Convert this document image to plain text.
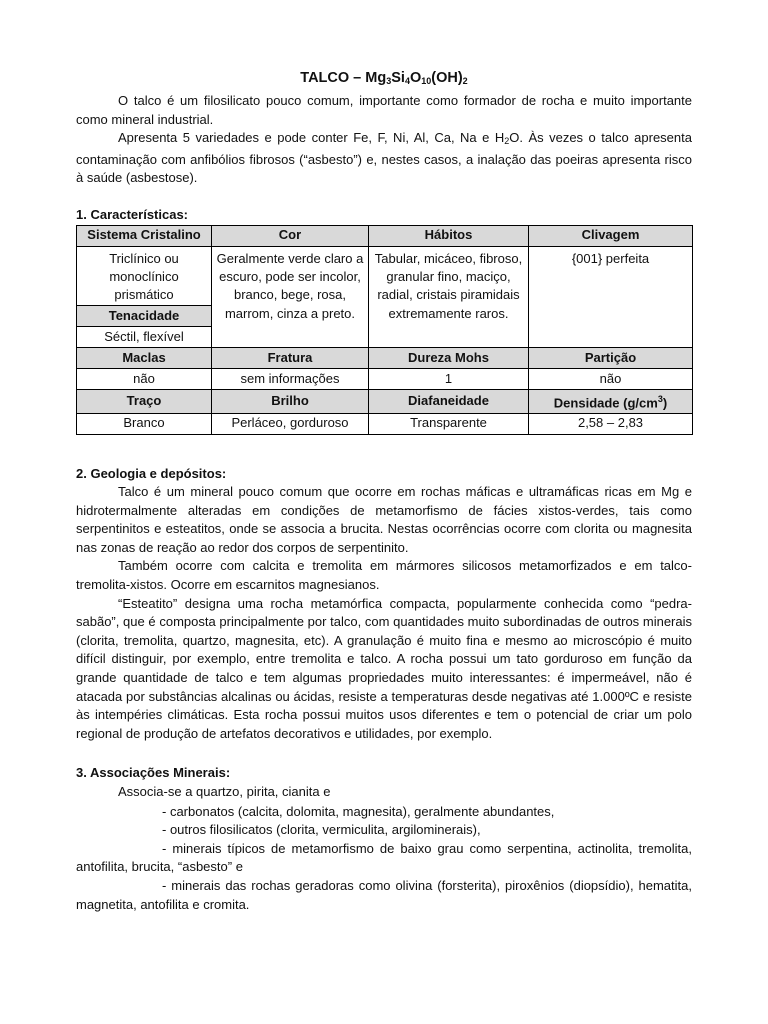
TALCO – $Mg_3Si_4O_{10}(OH)_2$

O talco é um filosilicato pouco comum, importante como formador de rocha e muito importante como mineral industrial.

Apresenta 5 variedades e pode conter Fe, F, Ni, Al, Ca, Na e $H_2O$. Às vezes o talco apresenta contaminação com anfibólios fibrosos (“asbesto”) e, nestes casos, a inalação das poeiras apresenta risco à saúde (asbestose).

1. Características:
Sistema Cristalino	Cor	Hábitos	Clivagem
Triclínico ou monoclínico prismático	Geralmente verde claro a escuro, pode ser incolor, branco, bege, rosa, marrom, cinza a preto.	Tabular, micáceo, fibroso, granular fino, maciço, radial, cristais piramidais extremamente raros.	{001} perfeita
Tenacidade			
Séctil, flexível			
Maclas	Fratura	Dureza Mohs	Partição
não	sem informações	1	não
Traço	Brilho	Diafaneidade	Densidade $(g/cm^3)$
Branco	Perláceo, gorduroso	Transparente	2,58 – 2,83
2. Geologia e depósitos:

Talco é um mineral pouco comum que ocorre em rochas máficas e ultramáficas ricas em Mg e hidrotermalmente alteradas em condições de metamorfismo de fácies xistos-verdes, tais como serpentinitos e esteatitos, onde se associa a brucita. Nestas ocorrências ocorre com clorita ou magnesita nas zonas de reação ao redor dos corpos de serpentinito.

Também ocorre com calcita e tremolita em mármores silicosos metamorfizados e em talco-tremolita-xistos. Ocorre em escarnitos magnesianos.

“Esteatito” designa uma rocha metamórfica compacta, popularmente conhecida como “pedra-sabão”, que é composta principalmente por talco, com quantidades muito subordinadas de outros minerais (clorita, tremolita, quartzo, magnesita, etc). A granulação é muito fina e mesmo ao microscópio é muito difícil distinguir, por exemplo, entre tremolita e talco. A rocha possui um tato gorduroso em função da grande quantidade de talco e tem algumas propriedades muito interessantes: é impermeável, não é atacada por substâncias alcalinas ou ácidas, resiste a temperaturas desde negativas até 1.000ºC e resiste às intempéries climáticas. Esta rocha possui muitos usos diferentes e tem o potencial de criar um polo regional de produção de artefatos decorativos e utilidades, por exemplo.

3. Associações Minerais:

Associa-se a quartzo, pirita, cianita e

- carbonatos (calcita, dolomita, magnesita), geralmente abundantes,
- outros filosilicatos (clorita, vermiculita, argilominerais),
- minerais típicos de metamorfismo de baixo grau como serpentina, actinolita, tremolita, antofilita, brucita, “asbesto” e
- minerais das rochas geradoras como olivina (forsterita), piroxênios (diopsídio), hematita, magnetita, antofilita e cromita.
